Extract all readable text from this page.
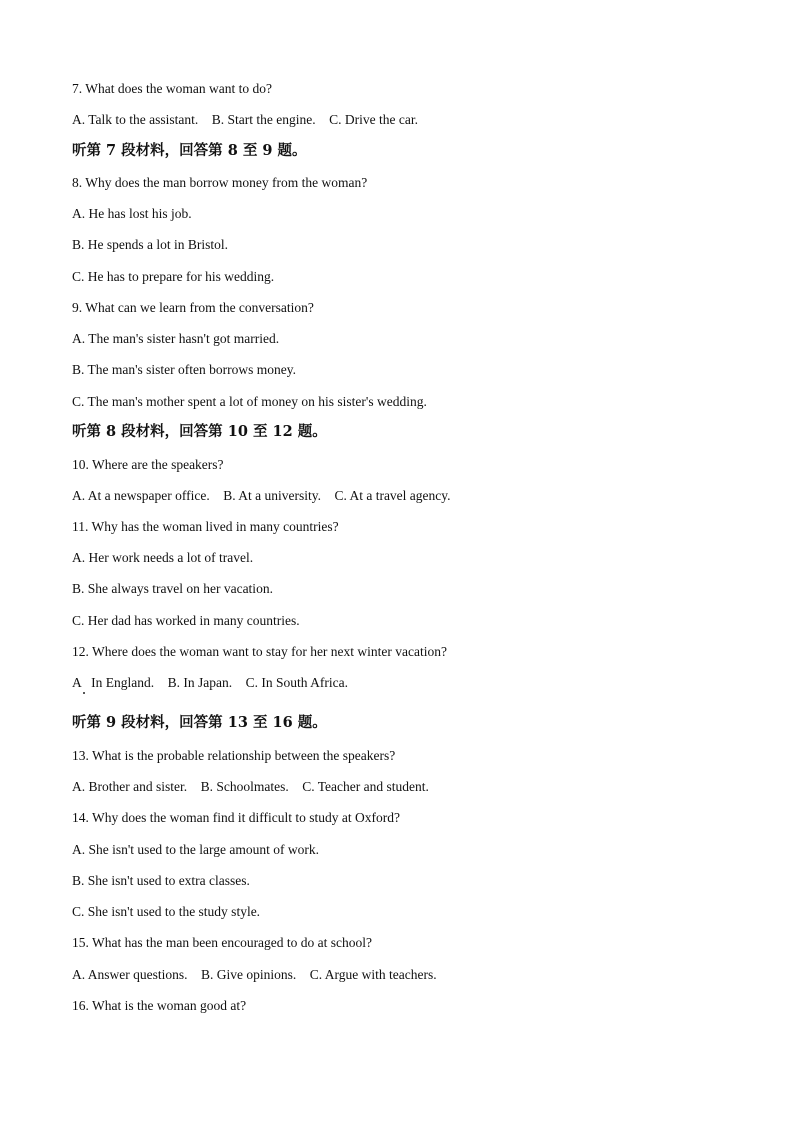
7. What does the woman want to do?
A. Talk to the assistant.    B. Start the engine.    C. Drive the car.
听第 7 段材料，回答第 8 至 9 题。
8. Why does the man borrow money from the woman?
A. He has lost his job.
B. He spends a lot in Bristol.
C. He has to prepare for his wedding.
9. What can we learn from the conversation?
A. The man's sister hasn't got married.
B. The man's sister often borrows money.
C. The man's mother spent a lot of money on his sister's wedding.
听第 8 段材料，回答第 10 至 12 题。
10. Where are the speakers?
A. At a newspaper office.    B. At a university.    C. At a travel agency.
11. Why has the woman lived in many countries?
A. Her work needs a lot of travel.
B. She always travel on her vacation.
C. Her dad has worked in many countries.
12. Where does the woman want to stay for her next winter vacation?
A   In England.    B. In Japan.    C. In South Africa.
听第 9 段材料，回答第 13 至 16 题。
13. What is the probable relationship between the speakers?
A. Brother and sister.    B. Schoolmates.    C. Teacher and student.
14. Why does the woman find it difficult to study at Oxford?
A. She isn't used to the large amount of work.
B. She isn't used to extra classes.
C. She isn't used to the study style.
15. What has the man been encouraged to do at school?
A. Answer questions.    B. Give opinions.    C. Argue with teachers.
16. What is the woman good at?
